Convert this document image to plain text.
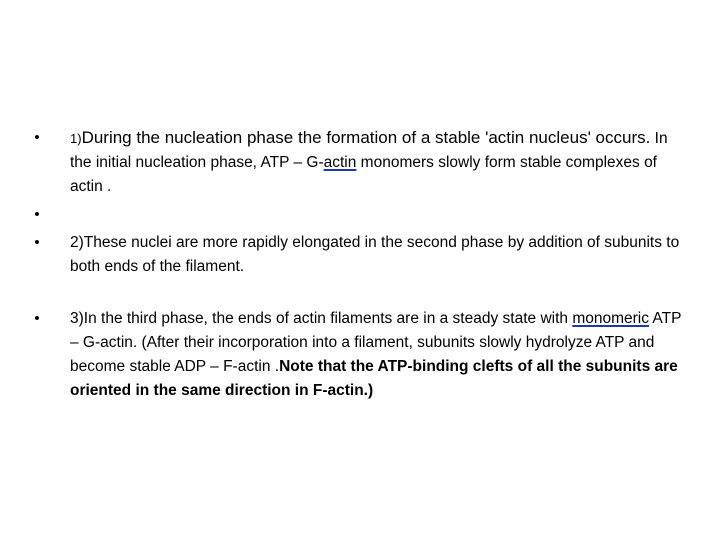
•	1)During the nucleation phase the formation of a stable 'actin nucleus' occurs. In the initial nucleation phase, ATP – G-actin monomers slowly form stable complexes of actin .
•

• 2)These nuclei are more rapidly elongated in the second phase by addition of subunits to both ends of the filament.
• 3)In the third phase, the ends of actin filaments are in a steady state with monomeric ATP – G-actin. (After their incorporation into a filament, subunits slowly hydrolyze ATP and become stable ADP – F-actin .Note that the ATP-binding clefts of all the subunits are oriented in the same direction in F-actin.)
